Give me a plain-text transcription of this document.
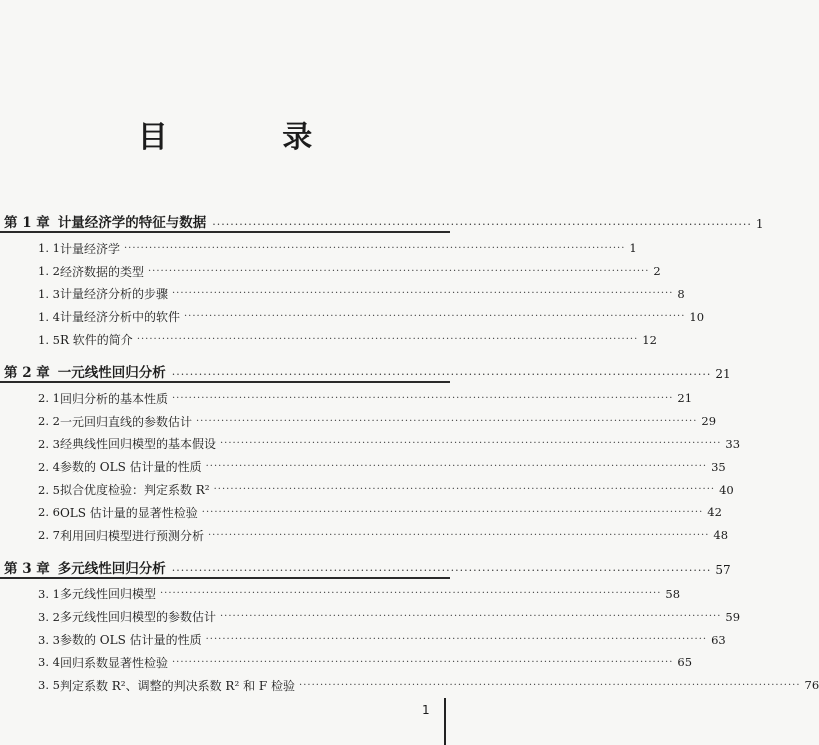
目 录
第 1 章 计量经济学的特征与数据 ························································································································ 1
1. 1 计量经济学 ························································································································ 1
1. 2 经济数据的类型 ························································································································ 2
1. 3 计量经济分析的步骤 ························································································································ 8
1. 4 计量经济分析中的软件 ························································································································ 10
1. 5 R 软件的简介 ························································································································ 12
第 2 章 一元线性回归分析 ························································································································ 21
2. 1 回归分析的基本性质 ························································································································ 21
2. 2 一元回归直线的参数估计 ························································································································ 29
2. 3 经典线性回归模型的基本假设 ························································································································ 33
2. 4 参数的 OLS 估计量的性质 ························································································································ 35
2. 5 拟合优度检验：判定系数 R² ························································································································ 40
2. 6 OLS 估计量的显著性检验 ························································································································ 42
2. 7 利用回归模型进行预测分析 ························································································································ 48
第 3 章 多元线性回归分析 ························································································································ 57
3. 1 多元线性回归模型 ························································································································ 58
3. 2 多元线性回归模型的参数估计 ························································································································ 59
3. 3 参数的 OLS 估计量的性质 ························································································································ 63
3. 4 回归系数显著性检验 ························································································································ 65
3. 5 判定系数 R²、调整的判决系数 R² 和 F 检验 ························································································································ 76
1
